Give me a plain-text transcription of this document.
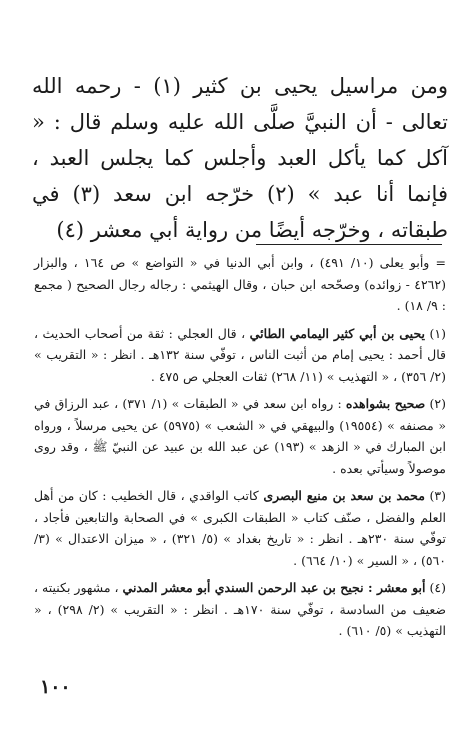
ومن مراسيل يحيى بن كثير (١) - رحمه الله تعالى - أن النبيَّ صلَّى الله عليه وسلم قال : « آكل كما يأكل العبد وأجلس كما يجلس العبد ، فإنما أنا عبد » (٢) خرّجه ابن سعد (٣) في طبقاته ، وخرّجه أيضًا من رواية أبي معشر (٤)

= وأبو يعلى (١٠/ ٤٩١) ، وابن أبي الدنيا في « التواضع » ص ١٦٤ ، والبزار (٤٢٦٢ - زوائده) وصحّحه ابن حبان ، وقال الهيثمي : رجاله رجال الصحيح ( مجمع : ٩/ ١٨) .

(١) يحيى بن أبي كثير اليمامي الطائي ، قال العجلي : ثقة من أصحاب الحديث ، قال أحمد : يحيى إمام من أثبت الناس ، توفّي سنة ١٣٢هـ . انظر : « التقريب » (٢/ ٣٥٦) ، « التهذيب » (١١/ ٢٦٨) ثقات العجلي ص ٤٧٥ .

(٢) صحيح بشواهده : رواه ابن سعد في « الطبقات » (١/ ٣٧١) ، عبد الرزاق في « مصنفه » (١٩٥٥٤) والبيهقي في « الشعب » (٥٩٧٥) عن يحيى مرسلاً ، ورواه ابن المبارك في « الزهد » (١٩٣) عن عبد الله بن عبيد عن النبيّ ﷺ ، وقد روى موصولاً وسيأتي بعده .

(٣) محمد بن سعد بن منيع البصرى كاتب الواقدي ، قال الخطيب : كان من أهل العلم والفضل ، صنّف كتاب « الطبقات الكبرى » في الصحابة والتابعين فأجاد ، توفّي سنة ٢٣٠هـ . انظر : « تاريخ بغداد » (٥/ ٣٢١) ، « ميزان الاعتدال » (٣/ ٥٦٠) ، « السير » (١٠/ ٦٦٤) .

(٤) أبو معشر : نجيح بن عبد الرحمن السندي أبو معشر المدني ، مشهور بكنيته ، ضعيف من السادسة ، توفّي سنة ١٧٠هـ . انظر : « التقريب » (٢/ ٢٩٨) ، « التهذيب » (٥/ ٦١٠) .

١٠٠
